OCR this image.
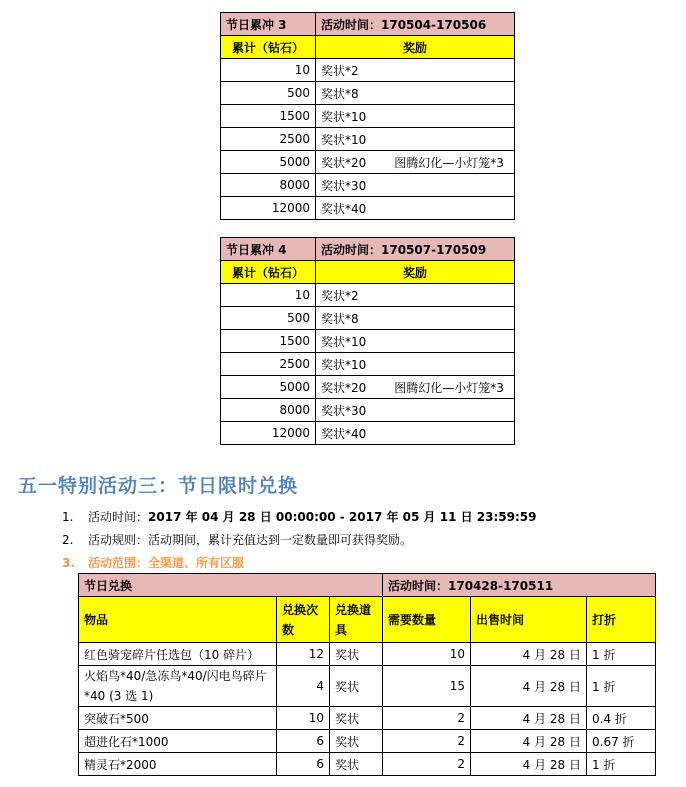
节日累冲 3	活动时间：170504-170506
累计（钻石）	奖励
10	奖状*2
500	奖状*8
1500	奖状*10
2500	奖状*10
5000	奖状*20 图腾幻化—小灯笼*3
8000	奖状*30
12000	奖状*40
节日累冲 4	活动时间：170507-170509
累计（钻石）	奖励
10	奖状*2
500	奖状*8
1500	奖状*10
2500	奖状*10
5000	奖状*20 图腾幻化—小灯笼*3
8000	奖状*30
12000	奖状*40
五一特别活动三：节日限时兑换
1. 活动时间：2017 年 04 月 28 日 00:00:00 - 2017 年 05 月 11 日 23:59:59
2. 活动规则：活动期间，累计充值达到一定数量即可获得奖励。
3. 活动范围：全渠道、所有区服
节日兑换			活动时间：170428-170511		
物品	兑换次数	兑换道具	需要数量	出售时间	打折
红色骑宠碎片任选包（10 碎片）	12	奖状	10	4 月 28 日	1 折
火焰鸟*40/急冻鸟*40/闪电鸟碎片*40 (3 选 1)	4	奖状	15	4 月 28 日	1 折
突破石*500	10	奖状	2	4 月 28 日	0.4 折
超进化石*1000	6	奖状	2	4 月 28 日	0.67 折
精灵石*2000	6	奖状	2	4 月 28 日	1 折
